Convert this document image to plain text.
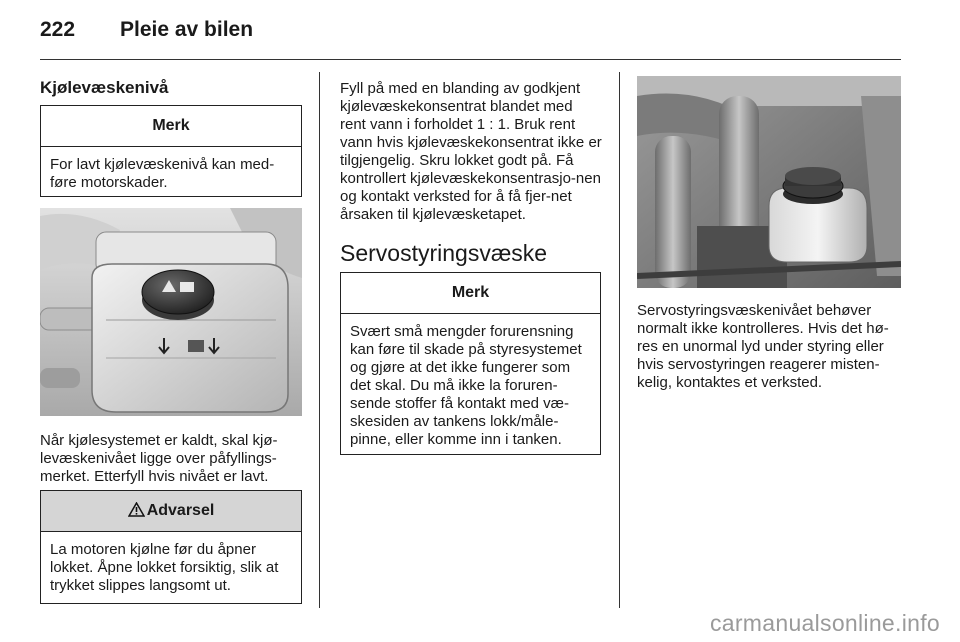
222 Pleie av bilen
Kjølevæskenivå
Merk
For lavt kjølevæskenivå kan med-føre motorskader.

Når kjølesystemet er kaldt, skal kjø-levæskenivået ligge over påfyllings-merket. Etterfyll hvis nivået er lavt.

Advarsel
La motoren kjølne før du åpner lokket. Åpne lokket forsiktig, slik at trykket slippes langsomt ut.

Fyll på med en blanding av godkjent kjølevæskekonsentrat blandet med rent vann i forholdet 1 : 1. Bruk rent vann hvis kjølevæskekonsentrat ikke er tilgjengelig. Skru lokket godt på. Få kontrollert kjølevæskekonsentrasjo-nen og kontakt verksted for å få fjer-net årsaken til kjølevæsketapet.

Servostyringsvæske
Merk
Svært små mengder forurensning kan føre til skade på styresystemet og gjøre at det ikke fungerer som det skal. Du må ikke la foruren-sende stoffer få kontakt med væ-skesiden av tankens lokk/måle-pinne, eller komme inn i tanken.

Servostyringsvæskenivået behøver normalt ikke kontrolleres. Hvis det hø-res en unormal lyd under styring eller hvis servostyringen reagerer misten-kelig, kontaktes et verksted.

carmanualsonline.info
